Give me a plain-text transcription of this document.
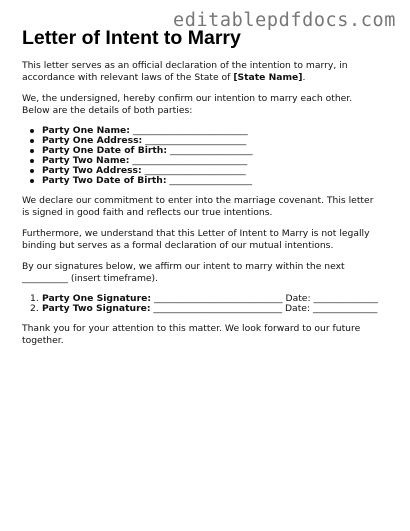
editablepdfdocs.com
Letter of Intent to Marry

This letter serves as an official declaration of the intention to marry, in accordance with relevant laws of the State of [State Name].

We, the undersigned, hereby confirm our intention to marry each other. Below are the details of both parties:

Party One Name: _________________________
Party One Address: ______________________
Party One Date of Birth: __________________
Party Two Name: _________________________
Party Two Address: ______________________
Party Two Date of Birth: __________________

We declare our commitment to enter into the marriage covenant. This letter is signed in good faith and reflects our true intentions.

Furthermore, we understand that this Letter of Intent to Marry is not legally binding but serves as a formal declaration of our mutual intentions.

By our signatures below, we affirm our intent to marry within the next __________ (insert timeframe).

1. Party One Signature: ____________________________ Date: ______________
2. Party Two Signature: ____________________________ Date: ______________

Thank you for your attention to this matter. We look forward to our future together.
